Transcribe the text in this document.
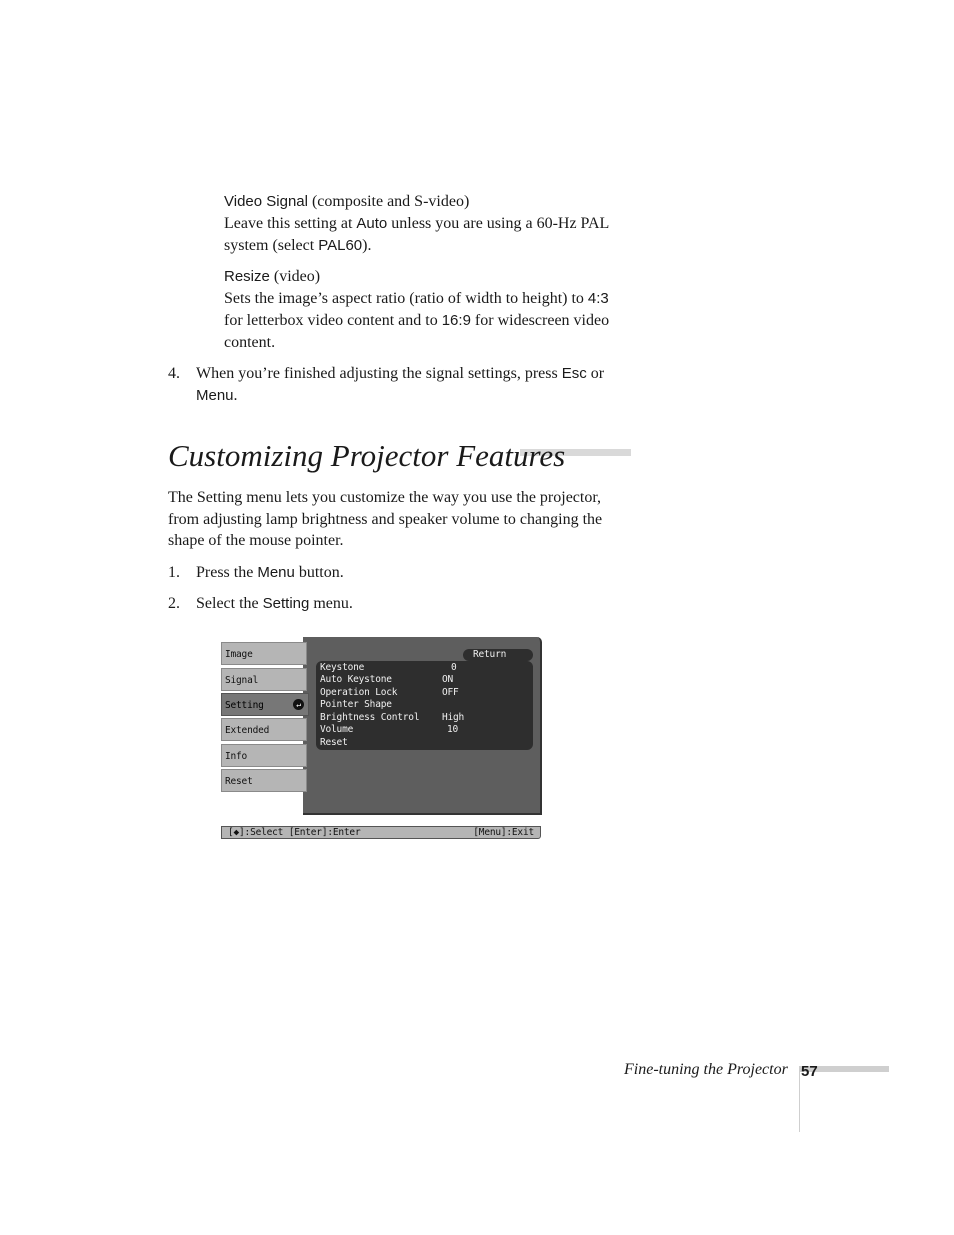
Video Signal (composite and S-video)
Leave this setting at Auto unless you are using a 60-Hz PAL
system (select PAL60).
Resize (video)
Sets the image’s aspect ratio (ratio of width to height) to 4:3
for letterbox video content and to 16:9 for widescreen video
content.
4. When you’re finished adjusting the signal settings, press Esc or
Menu.
Customizing Projector Features
The Setting menu lets you customize the way you use the projector,
from adjusting lamp brightness and speaker volume to changing the
shape of the mouse pointer.
1. Press the Menu button.
2. Select the Setting menu.
Image
Signal
Setting	↵
Extended
Info
Reset
Return
Keystone	0
Auto Keystone	ON
Operation Lock	OFF
Pointer Shape
Brightness Control High
Volume	10
Reset
[◆]:Select [Enter]:Enter	[Menu]:Exit
Fine-tuning the Projector 57
